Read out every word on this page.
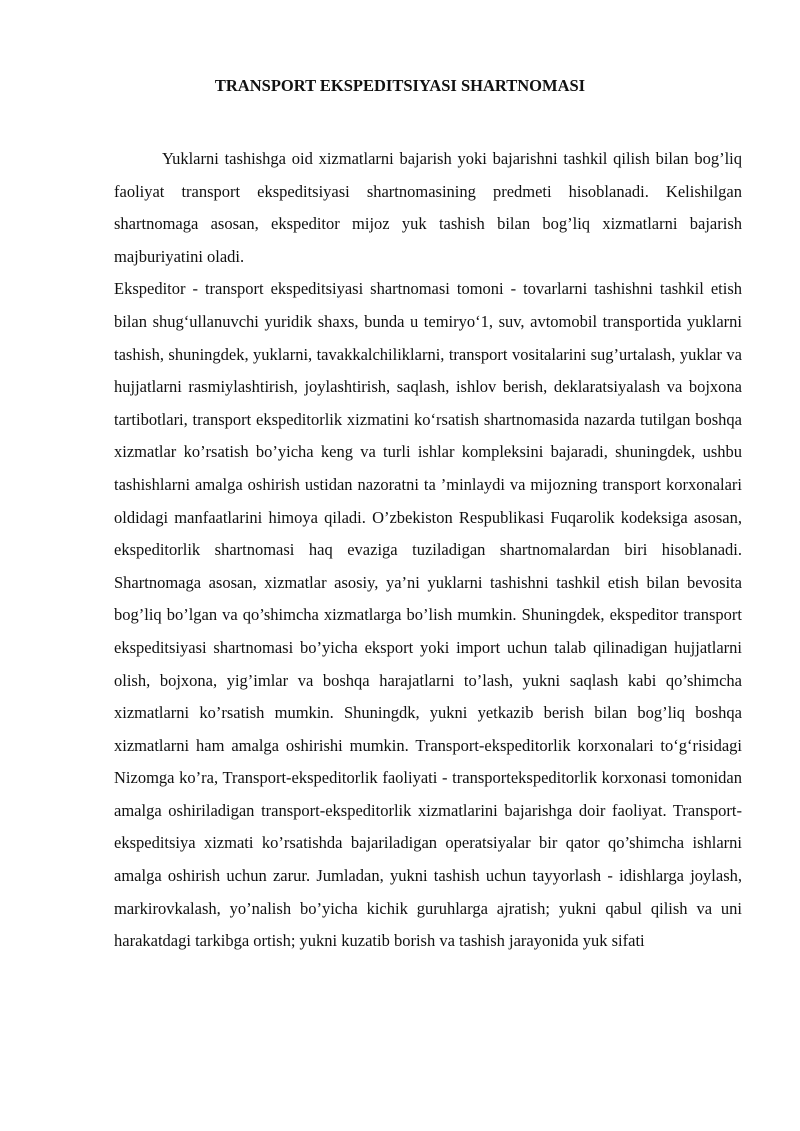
TRANSPORT EKSPEDITSIYASI SHARTNOMASI

Yuklarni tashishga oid xizmatlarni bajarish yoki bajarishni tashkil qilish bilan bog’liq faoliyat transport ekspeditsiyasi shartnomasining predmeti hisoblanadi. Kelishilgan shartnomaga asosan, ekspeditor mijoz yuk tashish bilan bog’liq xizmatlarni bajarish majburiyatini oladi.

Ekspeditor - transport ekspeditsiyasi shartnomasi tomoni - tovarlarni tashishni tashkil etish bilan shug‘ullanuvchi yuridik shaxs, bunda u temiryo‘1, suv, avtomobil transportida yuklarni tashish, shuningdek, yuklarni, tavakkalchiliklarni, transport vositalarini sug’urtalash, yuklar va hujjatlarni rasmiylashtirish, joylashtirish, saqlash, ishlov berish, deklaratsiyalash va bojxona tartibotlari, transport ekspeditorlik xizmatini ko‘rsatish shartnomasida nazarda tutilgan boshqa xizmatlar ko’rsatish bo’yicha keng va turli ishlar kompleksini bajaradi, shuningdek, ushbu tashishlarni amalga oshirish ustidan nazoratni ta ’minlaydi va mijozning transport korxonalari oldidagi manfaatlarini himoya qiladi. O’zbekiston Respublikasi Fuqarolik kodeksiga asosan, ekspeditorlik shartnomasi haq evaziga tuziladigan shartnomalardan biri hisoblanadi. Shartnomaga asosan, xizmatlar asosiy, ya’ni yuklarni tashishni tashkil etish bilan bevosita bog’liq bo’lgan va qo’shimcha xizmatlarga bo’lish mumkin. Shuningdek, ekspeditor transport ekspeditsiyasi shartnomasi bo’yicha eksport yoki import uchun talab qilinadigan hujjatlarni olish, bojxona, yig’imlar va boshqa harajatlarni to’lash, yukni saqlash kabi qo’shimcha xizmatlarni ko’rsatish mumkin. Shuningdk, yukni yetkazib berish bilan bog’liq boshqa xizmatlarni ham amalga oshirishi mumkin. Transport-ekspeditorlik korxonalari to‘g‘risidagi Nizomga ko’ra, Transport-ekspeditorlik faoliyati - transportekspeditorlik korxonasi tomonidan amalga oshiriladigan transport-ekspeditorlik xizmatlarini bajarishga doir faoliyat. Transport-ekspeditsiya xizmati ko’rsatishda bajariladigan operatsiyalar bir qator qo’shimcha ishlarni amalga oshirish uchun zarur. Jumladan, yukni tashish uchun tayyorlash - idishlarga joylash, markirovkalash, yo’nalish bo’yicha kichik guruhlarga ajratish; yukni qabul qilish va uni harakatdagi tarkibga ortish; yukni kuzatib borish va tashish jarayonida yuk sifati
